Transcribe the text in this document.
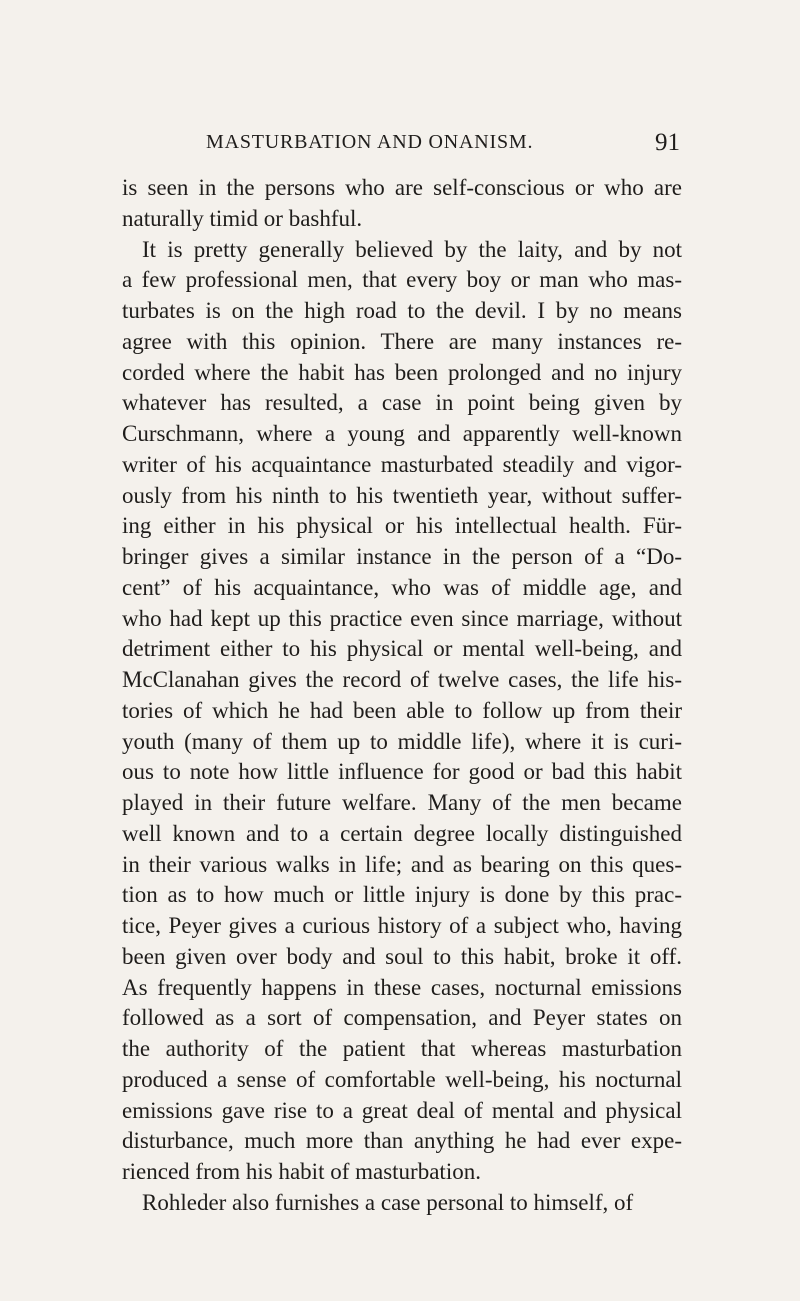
MASTURBATION AND ONANISM.	91
is seen in the persons who are self-conscious or who are
naturally timid or bashful.
It is pretty generally believed by the laity, and by not
a few professional men, that every boy or man who mas-
turbates is on the high road to the devil. I by no means
agree with this opinion. There are many instances re-
corded where the habit has been prolonged and no injury
whatever has resulted, a case in point being given by
Curschmann, where a young and apparently well-known
writer of his acquaintance masturbated steadily and vigor-
ously from his ninth to his twentieth year, without suffer-
ing either in his physical or his intellectual health. Für-
bringer gives a similar instance in the person of a “Do-
cent” of his acquaintance, who was of middle age, and
who had kept up this practice even since marriage, without
detriment either to his physical or mental well-being, and
McClanahan gives the record of twelve cases, the life his-
tories of which he had been able to follow up from their
youth (many of them up to middle life), where it is curi-
ous to note how little influence for good or bad this habit
played in their future welfare. Many of the men became
well known and to a certain degree locally distinguished
in their various walks in life; and as bearing on this ques-
tion as to how much or little injury is done by this prac-
tice, Peyer gives a curious history of a subject who, having
been given over body and soul to this habit, broke it off.
As frequently happens in these cases, nocturnal emissions
followed as a sort of compensation, and Peyer states on
the authority of the patient that whereas masturbation
produced a sense of comfortable well-being, his nocturnal
emissions gave rise to a great deal of mental and physical
disturbance, much more than anything he had ever expe-
rienced from his habit of masturbation.
Rohleder also furnishes a case personal to himself, of
